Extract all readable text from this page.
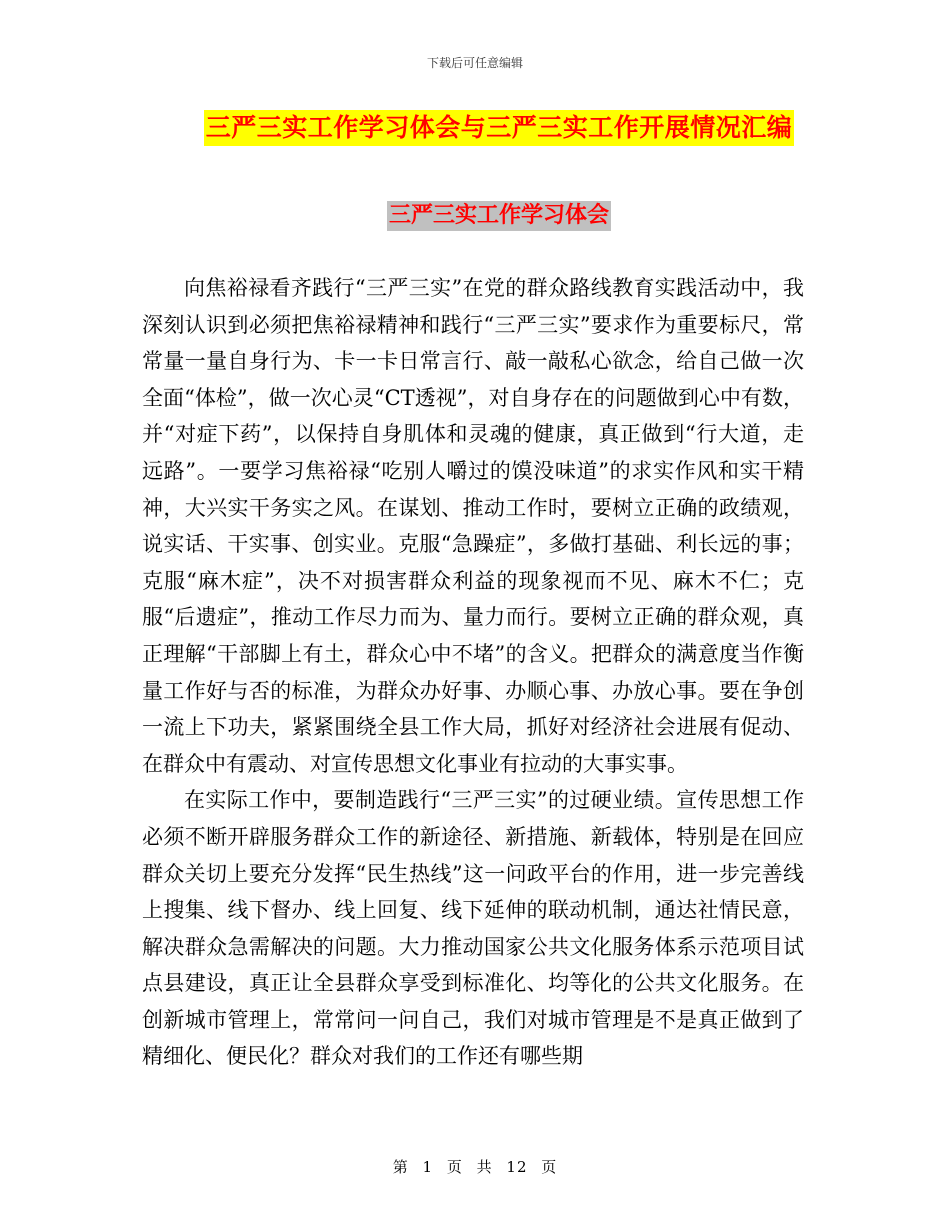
下载后可任意编辑
三严三实工作学习体会与三严三实工作开展情况汇编
三严三实工作学习体会

向焦裕禄看齐践行“三严三实”在党的群众路线教育实践活动中，我深刻认识到必须把焦裕禄精神和践行“三严三实”要求作为重要标尺，常常量一量自身行为、卡一卡日常言行、敲一敲私心欲念，给自己做一次全面“体检”，做一次心灵“CT透视”，对自身存在的问题做到心中有数，并“对症下药”，以保持自身肌体和灵魂的健康，真正做到“行大道，走远路”。一要学习焦裕禄“吃别人嚼过的馍没味道”的求实作风和实干精神，大兴实干务实之风。在谋划、推动工作时，要树立正确的政绩观，说实话、干实事、创实业。克服“急躁症”，多做打基础、利长远的事；克服“麻木症”，决不对损害群众利益的现象视而不见、麻木不仁；克服“后遗症”，推动工作尽力而为、量力而行。要树立正确的群众观，真正理解“干部脚上有土，群众心中不堵”的含义。把群众的满意度当作衡量工作好与否的标准，为群众办好事、办顺心事、办放心事。要在争创一流上下功夫，紧紧围绕全县工作大局，抓好对经济社会进展有促动、在群众中有震动、对宣传思想文化事业有拉动的大事实事。

在实际工作中，要制造践行“三严三实”的过硬业绩。宣传思想工作必须不断开辟服务群众工作的新途径、新措施、新载体，特别是在回应群众关切上要充分发挥“民生热线”这一问政平台的作用，进一步完善线上搜集、线下督办、线上回复、线下延伸的联动机制，通达社情民意，解决群众急需解决的问题。大力推动国家公共文化服务体系示范项目试点县建设，真正让全县群众享受到标准化、均等化的公共文化服务。在创新城市管理上，常常问一问自己，我们对城市管理是不是真正做到了精细化、便民化？群众对我们的工作还有哪些期

第 1 页 共 12 页
